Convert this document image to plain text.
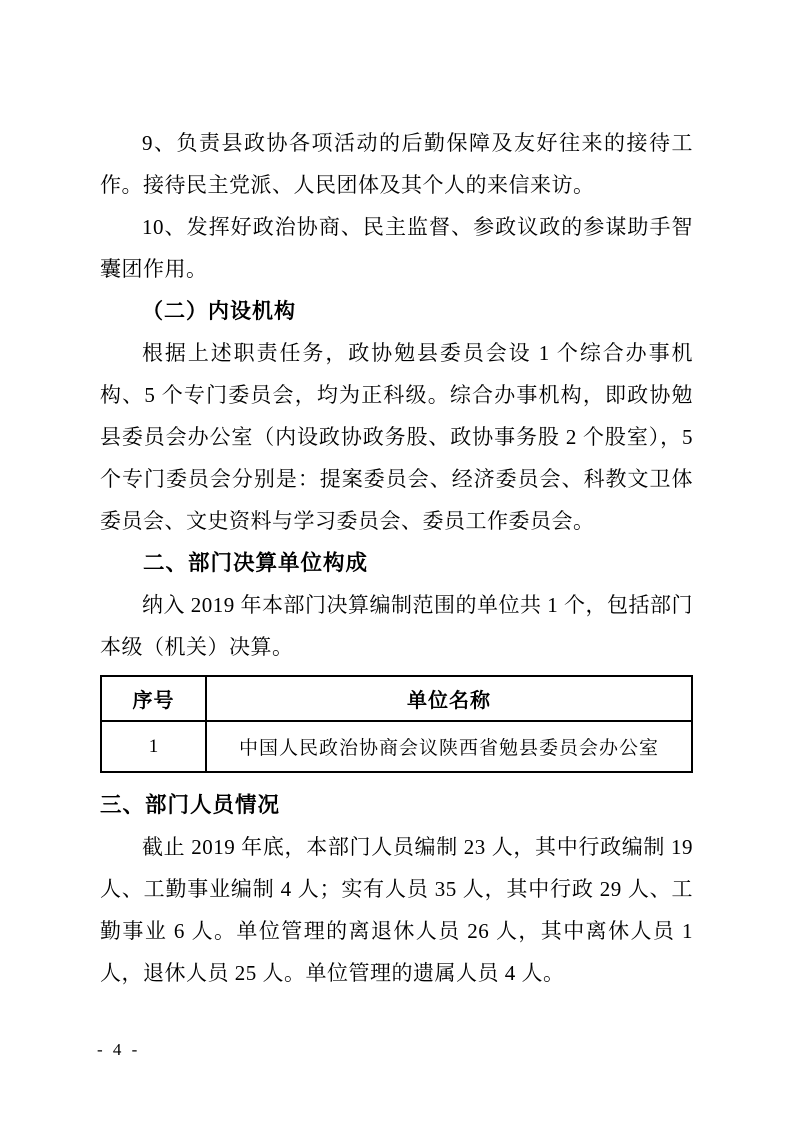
9、负责县政协各项活动的后勤保障及友好往来的接待工作。接待民主党派、人民团体及其个人的来信来访。

10、发挥好政治协商、民主监督、参政议政的参谋助手智囊团作用。

（二）内设机构

根据上述职责任务，政协勉县委员会设 1 个综合办事机构、5 个专门委员会，均为正科级。综合办事机构，即政协勉县委员会办公室（内设政协政务股、政协事务股 2 个股室），5 个专门委员会分别是：提案委员会、经济委员会、科教文卫体委员会、文史资料与学习委员会、委员工作委员会。

二、部门决算单位构成

纳入 2019 年本部门决算编制范围的单位共 1 个，包括部门本级（机关）决算。

序号	单位名称
1	中国人民政治协商会议陕西省勉县委员会办公室
三、部门人员情况

截止 2019 年底，本部门人员编制 23 人，其中行政编制 19 人、工勤事业编制 4 人；实有人员 35 人，其中行政 29 人、工勤事业 6 人。单位管理的离退休人员 26 人，其中离休人员 1 人，退休人员 25 人。单位管理的遗属人员 4 人。

- 4 -
